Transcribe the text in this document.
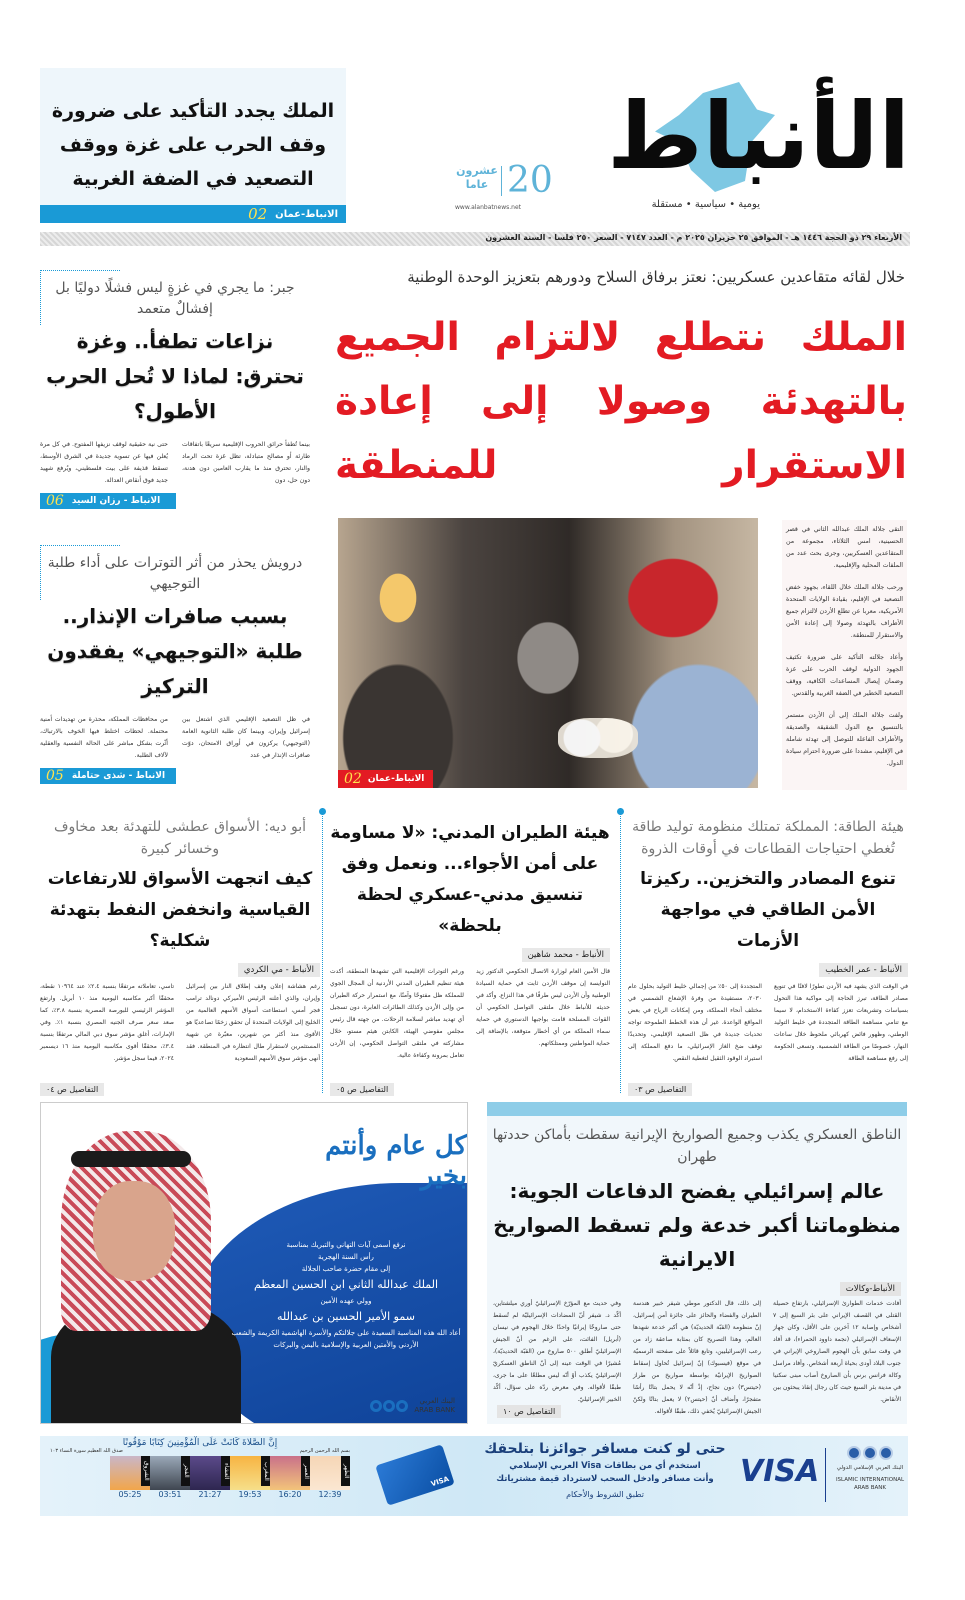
الملك يجدد التأكيد على ضرورة وقف الحرب على غزة ووقف التصعيد في الضفة الغربية
الانباط-عمان
02
عشرون
عاما 20
www.alanbatnews.net
الأنباط
يومية • سياسية • مستقلة
الأربعاء ٢٩ ذو الحجة ١٤٤٦ هـ - الموافق ٢٥ حزيران ٢٠٢٥ م - العدد ٧١٤٧ - السعر ٢٥٠ فلسا - السنة العشرون
خلال لقائه متقاعدين عسكريين: نعتز برفاق السلاح ودورهم بتعزيز الوحدة الوطنية
الملك نتطلع لالتزام الجميع بالتهدئة وصولا إلى إعادة الاستقرار للمنطقة
الانباط-عمان
02

التقى جلالة الملك عبدالله الثاني في قصر الحسينية، امس الثلاثاء، مجموعة من المتقاعدين العسكريين، وجرى بحث عدد من الملفات المحلية والإقليمية.

ورحب جلالة الملك خلال اللقاء، بجهود خفض التصعيد في الإقليم، بقيادة الولايات المتحدة الأمريكية، معربا عن تطلع الأردن لالتزام جميع الأطراف بالتهدئة وصولا إلى إعادة الأمن والاستقرار للمنطقة.

وأعاد جلالته التأكيد على ضرورة تكثيف الجهود الدولية لوقف الحرب على غزة وضمان إيصال المساعدات الكافية، ووقف التصعيد الخطير في الضفة الغربية والقدس.

ولفت جلالة الملك إلى أن الأردن مستمر بالتنسيق مع الدول الشقيقة والصديقة والأطراف الفاعلة للتوصل إلى تهدئة شاملة في الإقليم، مشددا على ضرورة احترام سيادة الدول.

جبر: ما يجري في غزةٍ ليس فشلًا دوليًا بل إفشالٌ متعمد
نزاعات تطفأ.. وغزة تحترق: لماذا لا تُحل الحرب الأطول؟

بينما تُطفأ حرائق الحروب الإقليمية سريعًا باتفاقات طارئة أو مصالح متبادلة، تظل غزة تحت الرماد والنار، تحترق منذ ما يقارب العامين دون هدنة، دون حل، دون

حتى نية حقيقية لوقف نزيفها المفتوح. في كل مرة يُعلن فيها عن تسوية جديدة في الشرق الأوسط، تسقط قذيفة على بيت فلسطيني، ويُرفع شهيد جديد فوق أنقاض العدالة.

الانباط - رزان السيد
06
درويش يحذر من أثر التوترات على أداء طلبة التوجيهي
بسبب صافرات الإنذار.. طلبة «التوجيهي» يفقدون التركيز

في ظل التصعيد الإقليمي الذي اشتعل بين إسرائيل وإيران، وبينما كان طلبة الثانوية العامة (التوجيهي) يركزون في أوراق الامتحان، دوّت صافرات الإنذار في عدد

من محافظات المملكة، محذرة من تهديدات أمنية محتملة. لحظات اختلط فيها الخوف بالارتباك، أثّرت بشكل مباشر على الحالة النفسية والعقلية لآلاف الطلبة.

الانباط - شذى حتاملة
05
هيئة الطاقة: المملكة تمتلك منظومة توليد طاقة تُغطي احتياجات القطاعات في أوقات الذروة
تنوع المصادر والتخزين.. ركيزتا الأمن الطاقي في مواجهة الأزمات
الأنباط - عمر الخطيب

في الوقت الذي يشهد فيه الأردن تطورًا لافتًا في تنويع مصادر الطاقة، تبرز الحاجة إلى مواكبة هذا التحول بسياسات وتشريعات تعزز كفاءة الاستخدام، لا سيما مع تنامي مساهمة الطاقة المتجددة في خليط التوليد الوطني، وظهور فائض كهربائي ملحوظ خلال ساعات النهار، خصوصًا من الطاقة الشمسية. وتسعى الحكومة إلى رفع مساهمة الطاقة

المتجددة إلى ٥٠٪ من إجمالي خليط التوليد بحلول عام ٢٠٣٠، مستفيدة من وفرة الإشعاع الشمسي في مختلف أنحاء المملكة، ومن إمكانات الرياح في بعض المواقع الواعدة. غير أن هذه الخطط الطموحة تواجه تحديات جديدة في ظل التصعيد الإقليمي، وتحديدًا توقف ضخ الغاز الإسرائيلي، ما دفع المملكة إلى استيراد الوقود الثقيل لتغطية النقص.

التفاصيل ص ٠٣
هيئة الطيران المدني: «لا مساومة على أمن الأجواء... ونعمل وفق تنسيق مدني-عسكري لحظة بلحظة»
الأنباط - محمد شاهين

قال الأمين العام لوزارة الاتصال الحكومي الدكتور زيد النوايسة إن موقف الأردن ثابت في حماية السيادة الوطنية وأن الأردن ليس طرفًا في هذا النزاع. وأكد في حديثه للأنباط خلال ملتقى التواصل الحكومي أن القوات المسلحة قامت بواجبها الدستوري في حماية سماء المملكة من أي أخطار متوقعة، بالإضافة إلى حماية المواطنين وممتلكاتهم.

ورغم التوترات الإقليمية التي تشهدها المنطقة، أكدت هيئة تنظيم الطيران المدني الأردنية أن المجال الجوي للمملكة ظل مفتوحًا وآمنًا، مع استمرار حركة الطيران من وإلى الأردن وكذلك الطائرات العابرة، دون تسجيل أي تهديد مباشر لسلامة الرحلات. من جهته قال رئيس مجلس مفوضي الهيئة، الكابتن هيثم مستو، خلال مشاركته في ملتقى التواصل الحكومي، إن الأردن تعامل بمرونة وكفاءة عالية.

التفاصيل ص ٠٥
أبو ديه: الأسواق عطشى للتهدئة بعد مخاوف وخسائر كبيرة
كيف اتجهت الأسواق للارتفاعات القياسية وانخفض النفط بتهدئة شكلية؟
الأنباط - مي الكردي

رغم هشاشة إعلان وقف إطلاق النار بين إسرائيل وإيران، والذي أعلنه الرئيس الأميركي دونالد ترامب فجر أمس، استطاعت أسواق الأسهم العالمية من الخليج إلى الولايات المتحدة أن تحقق زخمًا تصاعديًا هو الأقوى منذ أكثر من شهرين، معبّرة عن شهية المستثمرين لاستقرار طال انتظاره في المنطقة. فقد أنهى مؤشر سوق الأسهم السعودية

تاسي، تعاملاته مرتفعًا بنسبة ٢.٤٪ عند ١٠٩٦٤ نقطة، محققًا أكبر مكاسبه اليومية منذ ١٠ أبريل. وارتفع المؤشر الرئيسي للبورصة المصرية بنسبة ٣.٨٪، كما صعد سعر صرف الجنيه المصري بنسبة ١٪. وفي الإمارات، أغلق مؤشر سوق دبي المالي مرتفعًا بنسبة ٣.٤٪، محققًا أقوى مكاسبه اليومية منذ ١٦ ديسمبر ٢٠٢٤، فيما سجل مؤشر.

التفاصيل ص ٠٤
كل عام وأنتم بخير
نرفع أسمى آيات التهاني والتبريك بمناسبة
رأس السنة الهجرية
إلى مقام حضرة صاحب الجلالة
الملك عبدالله الثاني ابن الحسين المعظم
وولي عهده الأمين
سمو الأمير الحسين بن عبدالله
أعاد الله هذه المناسبة السعيدة على جلالتكم والأسرة الهاشمية الكريمة والشعب الأردني والأمتين العربية والإسلامية باليمن والبركات
البنك العربي
ARAB BANK
الناطق العسكري يكذب وجميع الصواريخ الإيرانية سقطت بأماكن حددتها طهران
عالم إسرائيلي يفضح الدفاعات الجوية: منظوماتنا أكبر خدعة ولم تسقط الصواريخ الايرانية
الأنباط-وكالات

أفادت خدمات الطوارئ الإسرائيلي، بارتفاع حصيلة القتلى في القصف الإيراني على بئر السبع إلى ٧ أشخاص وإصابة ١٢ آخرين على الأقل، وكان جهاز الإسعاف الإسرائيلي (نجمة داوود الحمراء)، قد أفاد في وقت سابق بأن الهجوم الصاروخي الإيراني في جنوب البلاد أودى بحياة أربعة أشخاص. وأفاد مراسل وكالة فرانس برس بأن الصاروخ أصاب مبنى سكنيا في مدينة بئر السبع حيث كان رجال إنقاذ يبحثون بين الأنقاض.

إلى ذلك، قال الدكتور موطي شيفر خبير هندسة الطيران والفضاء والحائز على جائزة أمن إسرائيل، إنّ منظومة (القبّة الحديديّة) هي أكبر خدعة شهدها العالم، وهذا التصريح كان بمثابة صاعقة زاد من رعب الإسرائيليين، وتابع قائلاً على صفحته الرسميّة في موقع (فيسبوك) إنّ إسرائيل تُحاول إسقاط الصواريخ الإيرانيّة بواسطة صواريخ من طراز (حيتس٣) دون نجاح، إذْ أنّه لا يحمل بتاتًا رأسًا متفجرًا، وأضاف أنّ (حيتس٢) لا يعمل بتاتًا ولكنّ الجيش الإسرائيليّ يُخفي ذلك، طبقًا لأقواله.

وفي حديث مع المؤرّخ الإسرائيليّ أوري ميلشتاين، أكّد د. شيفر أنّ المضادات الإسرائيليّة لم تُسقط حتى صاروخًا إيرانيًا واحدًا خلال الهجوم في نيسان (أبريل) الفائت، على الرغم من أنّ الجيش الإسرائيليّ أطلق ٥٠٠ صاروخ من (القبّة الحديديّة)، مُشيرًا في الوقت عينه إلى أنّ الناطق العسكريّ الإسرائيليّ يكذب أوْ أنّه ليس مطلعًا على ما جرى، طبقًا لأقواله. وفي معرض ردّه على سؤال، أكّد الخبير الإسرائيليّ.

التفاصيل ص ١٠
إِنَّ الصَّلاةَ كَانَتْ عَلَى الْمُؤْمِنِينَ كِتَابًا مَوْقُوتًا
بسم الله الرحمن الرحيم
صدق الله العظيم سورة النساء ١٠٣
الظهر
العصر
المغرب
العشاء
الفجر
الشروق
12:39
16:20
19:53
21:27
03:51
05:25
VISA
حتى لو كنت مسافر جوائزنا بتلحقك
استخدم أي من بطاقات Visa العربي الإسلامي
وأنت مسافر وادخل السحب لاسترداد قيمة مشترياتك
تطبق الشروط والأحكام
VISA	البنك العربي الإسلامي الدولي
ISLAMIC INTERNATIONAL ARAB BANK
